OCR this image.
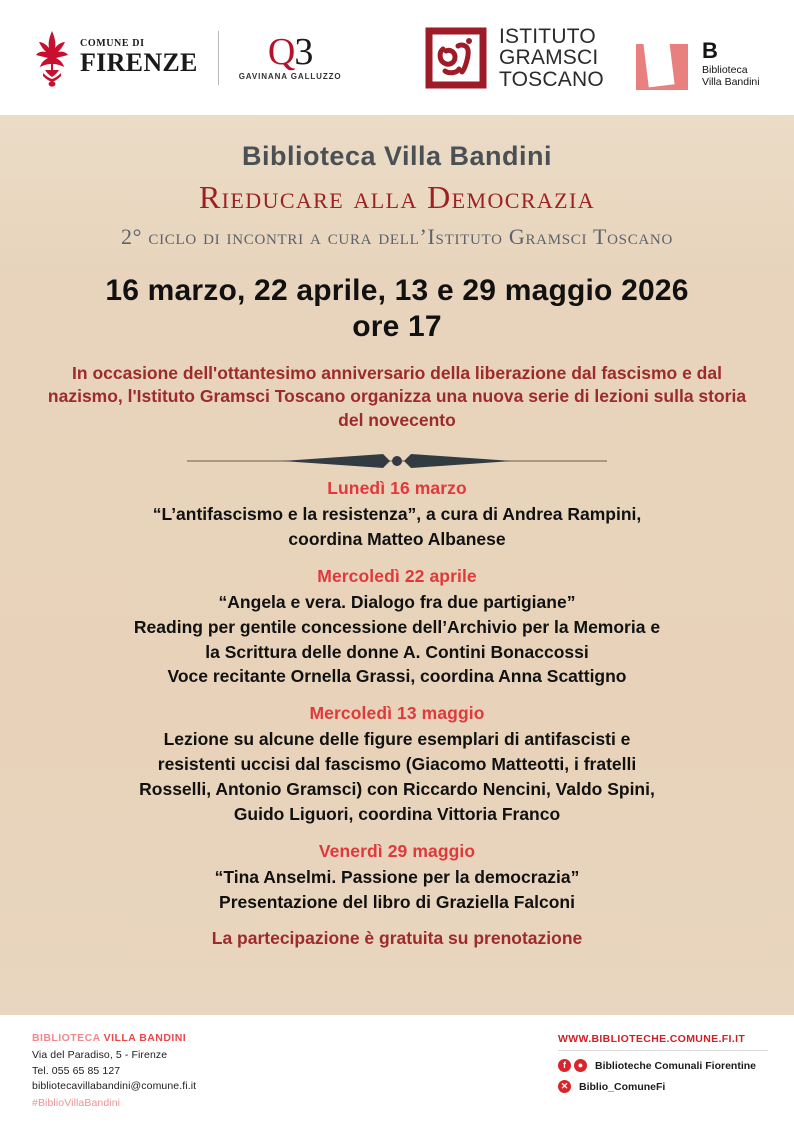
COMUNE DI
FIRENZE	Q3
GAVINANA GALLUZZO
ISTITUTO
GRAMSCI
TOSCANO
B
Biblioteca
Villa Bandini
Biblioteca Villa Bandini
Rieducare alla Democrazia
2° ciclo di incontri a cura dell’Istituto Gramsci Toscano
16 marzo, 22 aprile, 13 e 29 maggio 2026
ore 17
In occasione dell'ottantesimo anniversario della liberazione dal fascismo e dal nazismo, l'Istituto Gramsci Toscano organizza una nuova serie di lezioni sulla storia del novecento
Lunedì 16 marzo
“L’antifascismo e la resistenza”, a cura di Andrea Rampini,
coordina Matteo Albanese
Mercoledì 22 aprile
“Angela e vera. Dialogo fra due partigiane”
Reading per gentile concessione dell’Archivio per la Memoria e
la Scrittura delle donne A. Contini Bonaccossi
Voce recitante Ornella Grassi, coordina Anna Scattigno
Mercoledì 13 maggio
Lezione su alcune delle figure esemplari di antifascisti e
resistenti uccisi dal fascismo (Giacomo Matteotti, i fratelli
Rosselli, Antonio Gramsci) con Riccardo Nencini, Valdo Spini,
Guido Liguori, coordina Vittoria Franco
Venerdì 29 maggio
“Tina Anselmi. Passione per la democrazia”
Presentazione del libro di Graziella Falconi
La partecipazione è gratuita su prenotazione
BIBLIOTECA VILLA BANDINI
Via del Paradiso, 5 - Firenze
Tel. 055 65 85 127
bibliotecavillabandini@comune.fi.it
#BiblioVillaBandini
WWW.BIBLIOTECHE.COMUNE.FI.IT
f	●	Biblioteche Comunali Fiorentine
✕ Biblio_ComuneFi
